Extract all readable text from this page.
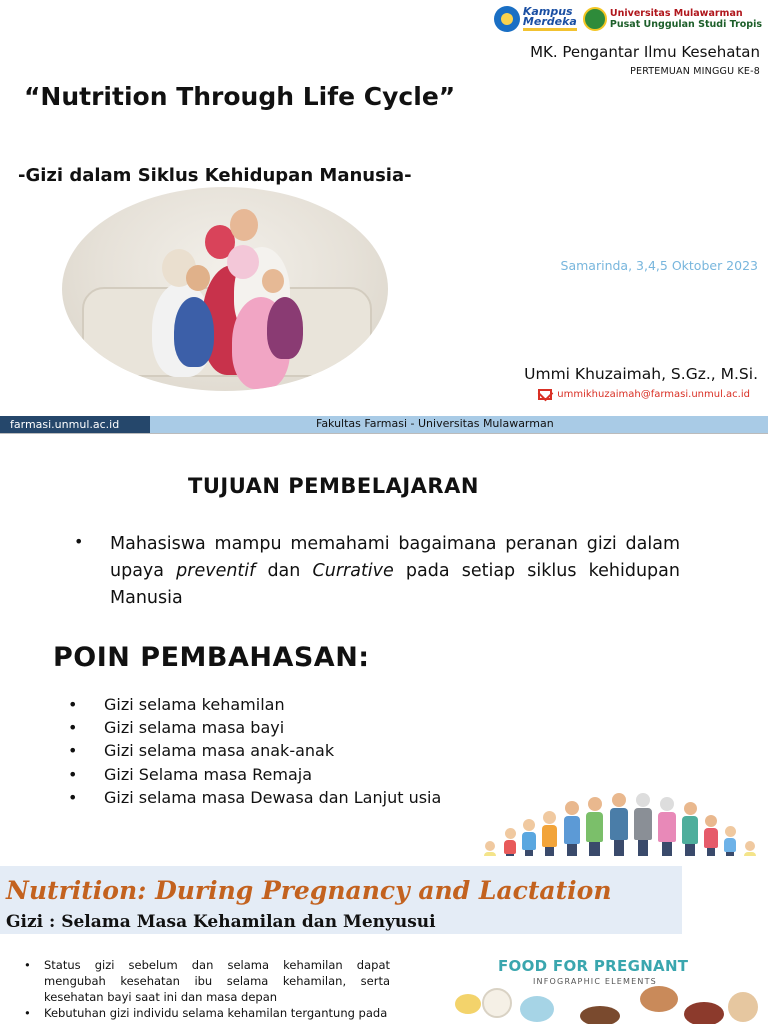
Kampus
Merdeka
Universitas Mulawarman
Pusat Unggulan Studi Tropis
MK. Pengantar Ilmu Kesehatan
PERTEMUAN MINGGU KE-8
“Nutrition Through Life Cycle”
-Gizi dalam Siklus Kehidupan Manusia-
Samarinda, 3,4,5 Oktober 2023
Ummi Khuzaimah, S.Gz., M.Si.
ummikhuzaimah@farmasi.unmul.ac.id
farmasi.unmul.ac.id	Fakultas Farmasi - Universitas Mulawarman
TUJUAN PEMBELAJARAN
• Mahasiswa mampu memahami bagaimana peranan gizi dalam upaya preventif dan Currative pada setiap siklus kehidupan Manusia

POIN PEMBAHASAN:
•	Gizi selama kehamilan
•	Gizi selama masa bayi
•	Gizi selama masa anak-anak
•	Gizi Selama masa Remaja
•	Gizi selama masa Dewasa dan Lanjut usia
Nutrition: During Pregnancy and Lactation
Gizi : Selama Masa Kehamilan dan Menyusui
•	Status gizi sebelum dan selama kehamilan dapat mengubah kesehatan ibu selama kehamilan, serta kesehatan bayi saat ini dan masa depan
•	Kebutuhan gizi individu selama kehamilan tergantung pada
FOOD FOR PREGNANT
INFOGRAPHIC ELEMENTS
